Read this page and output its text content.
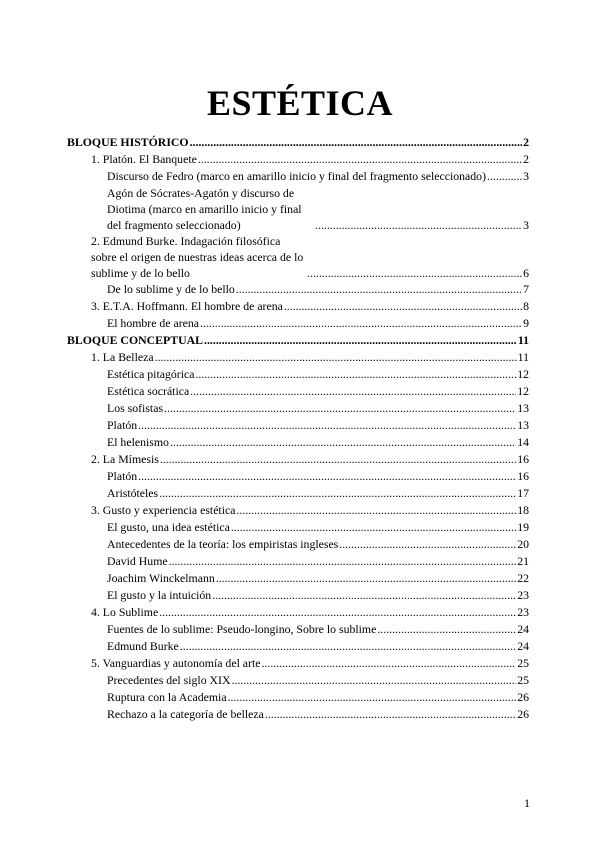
ESTÉTICA
BLOQUE HISTÓRICO .....	2
1. Platón. El Banquete .....	2
Discurso de Fedro (marco en amarillo inicio y final del fragmento seleccionado) .....	3
Agón de Sócrates-Agatón y discurso de Diotima (marco en amarillo inicio y final del fragmento seleccionado) .....	3
2. Edmund Burke. Indagación filosófica sobre el origen de nuestras ideas acerca de lo sublime y de lo bello .....	6
De lo sublime y de lo bello .....	7
3. E.T.A. Hoffmann. El hombre de arena .....	8
El hombre de arena .....	9
BLOQUE CONCEPTUAL .....	11
1. La Belleza .....	11
Estética pitagórica .....	12
Estética socrática .....	12
Los sofistas .....	13
Platón .....	13
El helenismo .....	14
2. La Mímesis .....	16
Platón .....	16
Aristóteles .....	17
3. Gusto y experiencia estética .....	18
El gusto, una idea estética .....	19
Antecedentes de la teoría: los empiristas ingleses .....	20
David Hume .....	21
Joachim Winckelmann .....	22
El gusto y la intuición .....	23
4. Lo Sublime .....	23
Fuentes de lo sublime: Pseudo-longino, Sobre lo sublime .....	24
Edmund Burke .....	24
5. Vanguardias y autonomía del arte .....	25
Precedentes del siglo XIX .....	25
Ruptura con la Academia .....	26
Rechazo a la categoría de belleza .....	26
1
